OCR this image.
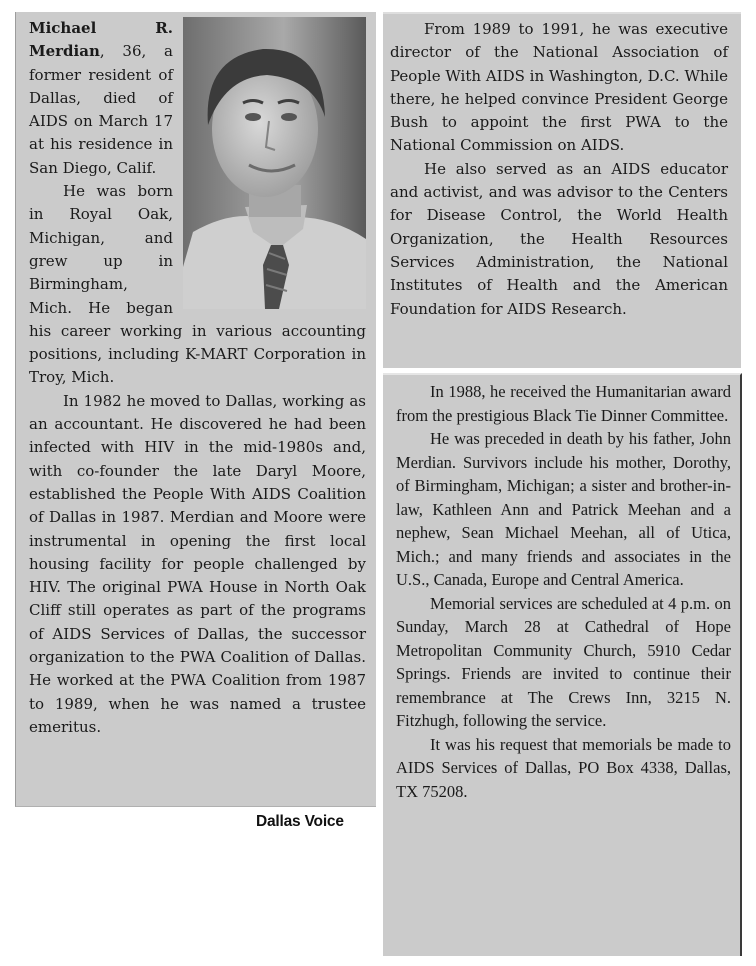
Michael R. Merdian, 36, a former resident of Dallas, died of AIDS on March 17 at his residence in San Diego, Calif.

He was born in Royal Oak, Michigan, and grew up in Birmingham, Mich. He began his career working in various accounting positions, including K-MART Corporation in Troy, Mich.

In 1982 he moved to Dallas, working as an accountant. He discovered he had been infected with HIV in the mid-1980s and, with co-founder the late Daryl Moore, established the People With AIDS Coalition of Dallas in 1987. Merdian and Moore were instrumental in opening the first local housing facility for people challenged by HIV. The original PWA House in North Oak Cliff still operates as part of the programs of AIDS Services of Dallas, the successor organization to the PWA Coalition of Dallas. He worked at the PWA Coalition from 1987 to 1989, when he was named a trustee emeritus.

Dallas Voice

From 1989 to 1991, he was executive director of the National Association of People With AIDS in Washington, D.C. While there, he helped convince President George Bush to appoint the first PWA to the National Commission on AIDS.

He also served as an AIDS educator and activist, and was advisor to the Centers for Disease Control, the World Health Organization, the Health Resources Services Administration, the National Institutes of Health and the American Foundation for AIDS Research.

In 1988, he received the Humanitarian award from the prestigious Black Tie Dinner Committee.

He was preceded in death by his father, John Merdian. Survivors include his mother, Dorothy, of Birmingham, Michigan; a sister and brother-in-law, Kathleen Ann and Patrick Meehan and a nephew, Sean Michael Meehan, all of Utica, Mich.; and many friends and associates in the U.S., Canada, Europe and Central America.

Memorial services are scheduled at 4 p.m. on Sunday, March 28 at Cathedral of Hope Metropolitan Community Church, 5910 Cedar Springs. Friends are invited to continue their remembrance at The Crews Inn, 3215 N. Fitzhugh, following the service.

It was his request that memorials be made to AIDS Services of Dallas, PO Box 4338, Dallas, TX 75208.
